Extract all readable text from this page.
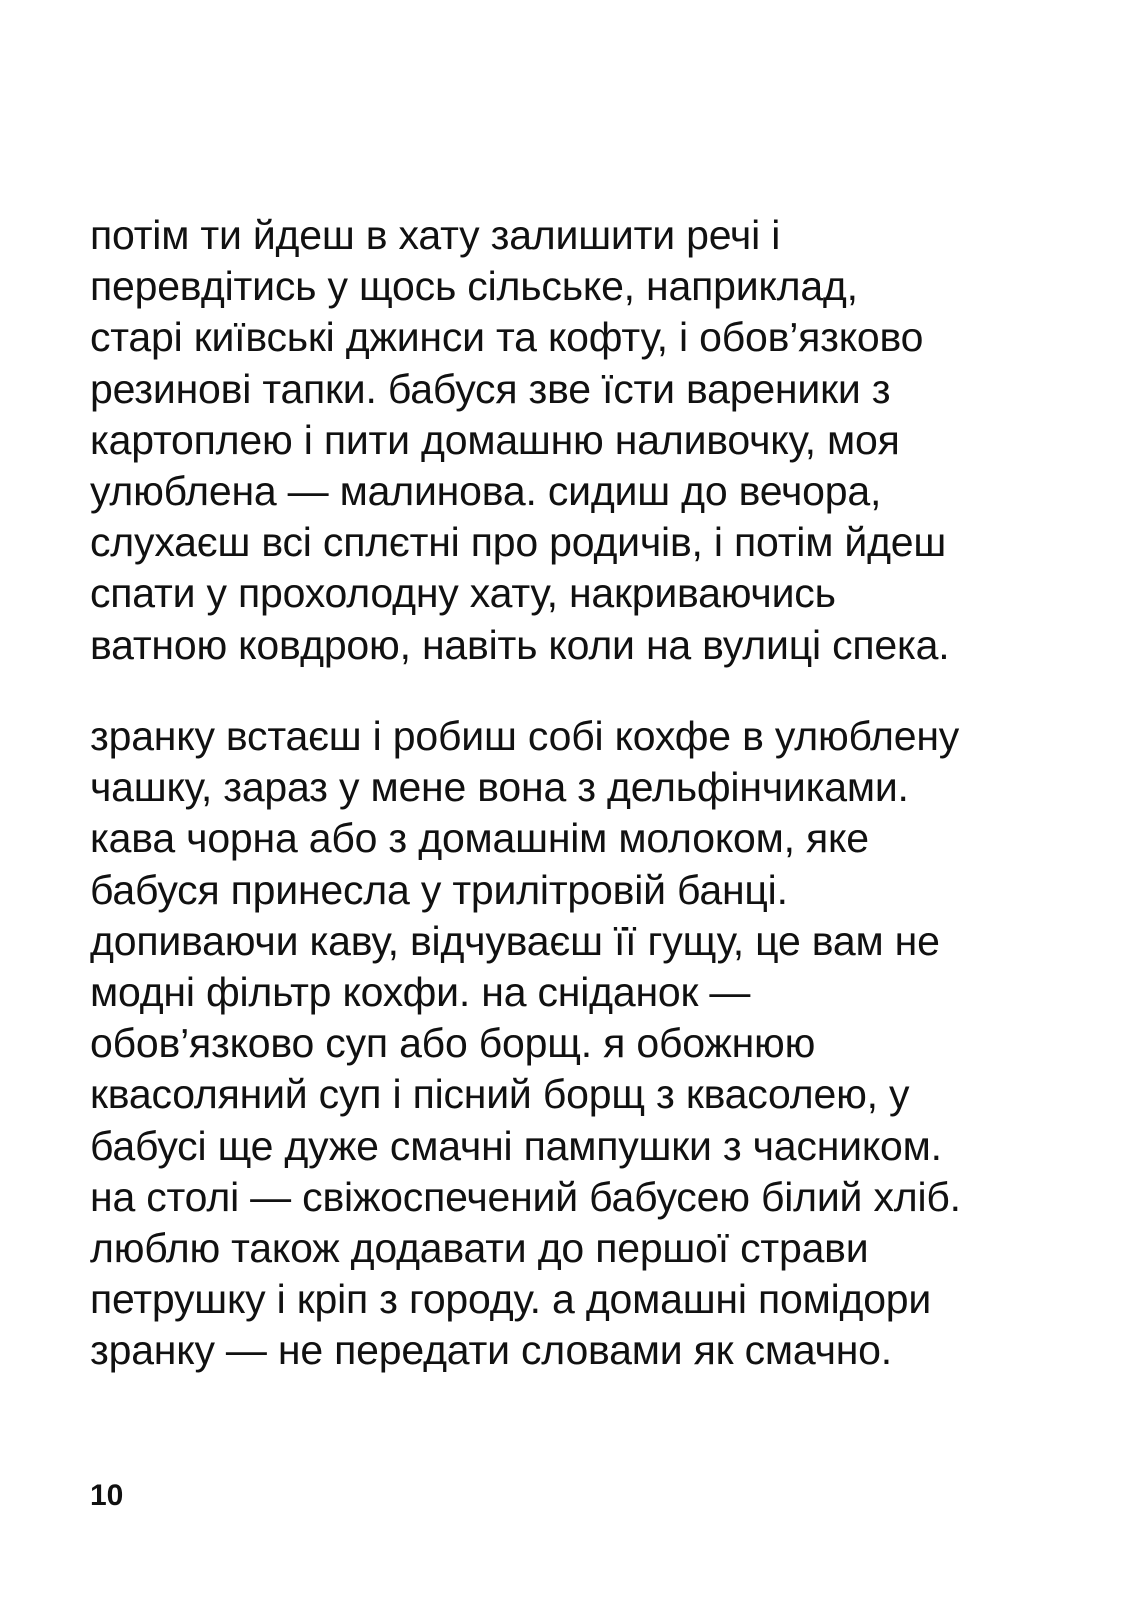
потім ти йдеш в хату залишити речі і
перевдітись у щось сільське, наприклад,
старі київські джинси та кофту, і обов’язково
резинові тапки. бабуся зве їсти вареники з
картоплею і пити домашню наливочку, моя
улюблена — малинова. сидиш до вечора,
слухаєш всі сплєтні про родичів, і потім йдеш
спати у прохолодну хату, накриваючись
ватною ковдрою, навіть коли на вулиці спека.

зранку встаєш і робиш собі кохфе в улюблену
чашку, зараз у мене вона з дельфінчиками.
кава чорна або з домашнім молоком, яке
бабуся принесла у трилітровій банці.
допиваючи каву, відчуваєш її гущу, це вам не
модні фільтр кохфи. на сніданок —
обов’язково суп або борщ. я обожнюю
квасоляний суп і пісний борщ з квасолею, у
бабусі ще дуже смачні пампушки з часником.
на столі — свіжоспечений бабусею білий хліб.
люблю також додавати до першої страви
петрушку і кріп з городу. а домашні помідори
зранку — не передати словами як смачно.

10
